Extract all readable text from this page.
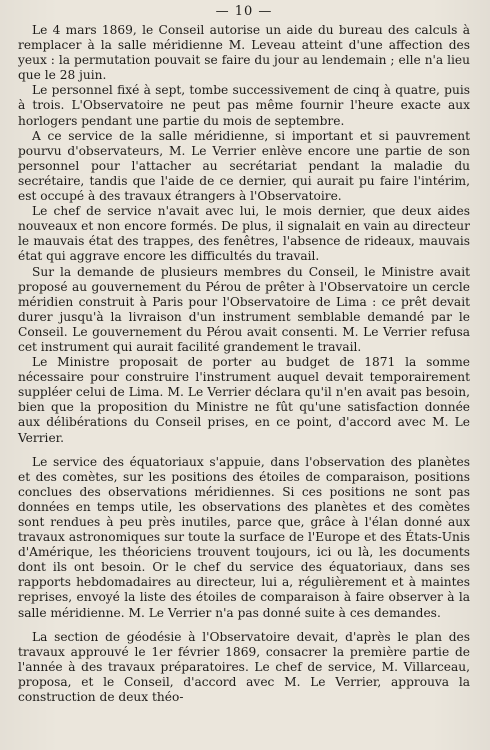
— 10 —

Le 4 mars 1869, le Conseil autorise un aide du bureau des calculs à remplacer à la salle méridienne M. Leveau atteint d'une affection des yeux : la permutation pouvait se faire du jour au lendemain ; elle n'a lieu que le 28 juin.

Le personnel fixé à sept, tombe successivement de cinq à quatre, puis à trois. L'Observatoire ne peut pas même fournir l'heure exacte aux horlogers pendant une partie du mois de septembre.

A ce service de la salle méridienne, si important et si pauvrement pourvu d'observateurs, M. Le Verrier enlève encore une partie de son personnel pour l'attacher au secrétariat pendant la maladie du secrétaire, tandis que l'aide de ce dernier, qui aurait pu faire l'intérim, est occupé à des travaux étrangers à l'Observatoire.

Le chef de service n'avait avec lui, le mois dernier, que deux aides nouveaux et non encore formés. De plus, il signalait en vain au directeur le mauvais état des trappes, des fenêtres, l'absence de rideaux, mauvais état qui aggrave encore les difficultés du travail.

Sur la demande de plusieurs membres du Conseil, le Ministre avait proposé au gouvernement du Pérou de prêter à l'Observatoire un cercle méridien construit à Paris pour l'Observatoire de Lima : ce prêt devait durer jusqu'à la livraison d'un instrument semblable demandé par le Conseil. Le gouvernement du Pérou avait consenti. M. Le Verrier refusa cet instrument qui aurait facilité grandement le travail.

Le Ministre proposait de porter au budget de 1871 la somme nécessaire pour construire l'instrument auquel devait temporairement suppléer celui de Lima. M. Le Verrier déclara qu'il n'en avait pas besoin, bien que la proposition du Ministre ne fût qu'une satisfaction donnée aux délibérations du Conseil prises, en ce point, d'accord avec M. Le Verrier.

Le service des équatoriaux s'appuie, dans l'observation des planètes et des comètes, sur les positions des étoiles de comparaison, positions conclues des observations méridiennes. Si ces positions ne sont pas données en temps utile, les observations des planètes et des comètes sont rendues à peu près inutiles, parce que, grâce à l'élan donné aux travaux astronomiques sur toute la surface de l'Europe et des États-Unis d'Amérique, les théoriciens trouvent toujours, ici ou là, les documents dont ils ont besoin. Or le chef du service des équatoriaux, dans ses rapports hebdomadaires au directeur, lui a, régulièrement et à maintes reprises, envoyé la liste des étoiles de comparaison à faire observer à la salle méridienne. M. Le Verrier n'a pas donné suite à ces demandes.

La section de géodésie à l'Observatoire devait, d'après le plan des travaux approuvé le 1er février 1869, consacrer la première partie de l'année à des travaux préparatoires. Le chef de service, M. Villarceau, proposa, et le Conseil, d'accord avec M. Le Verrier, approuva la construction de deux théo-
